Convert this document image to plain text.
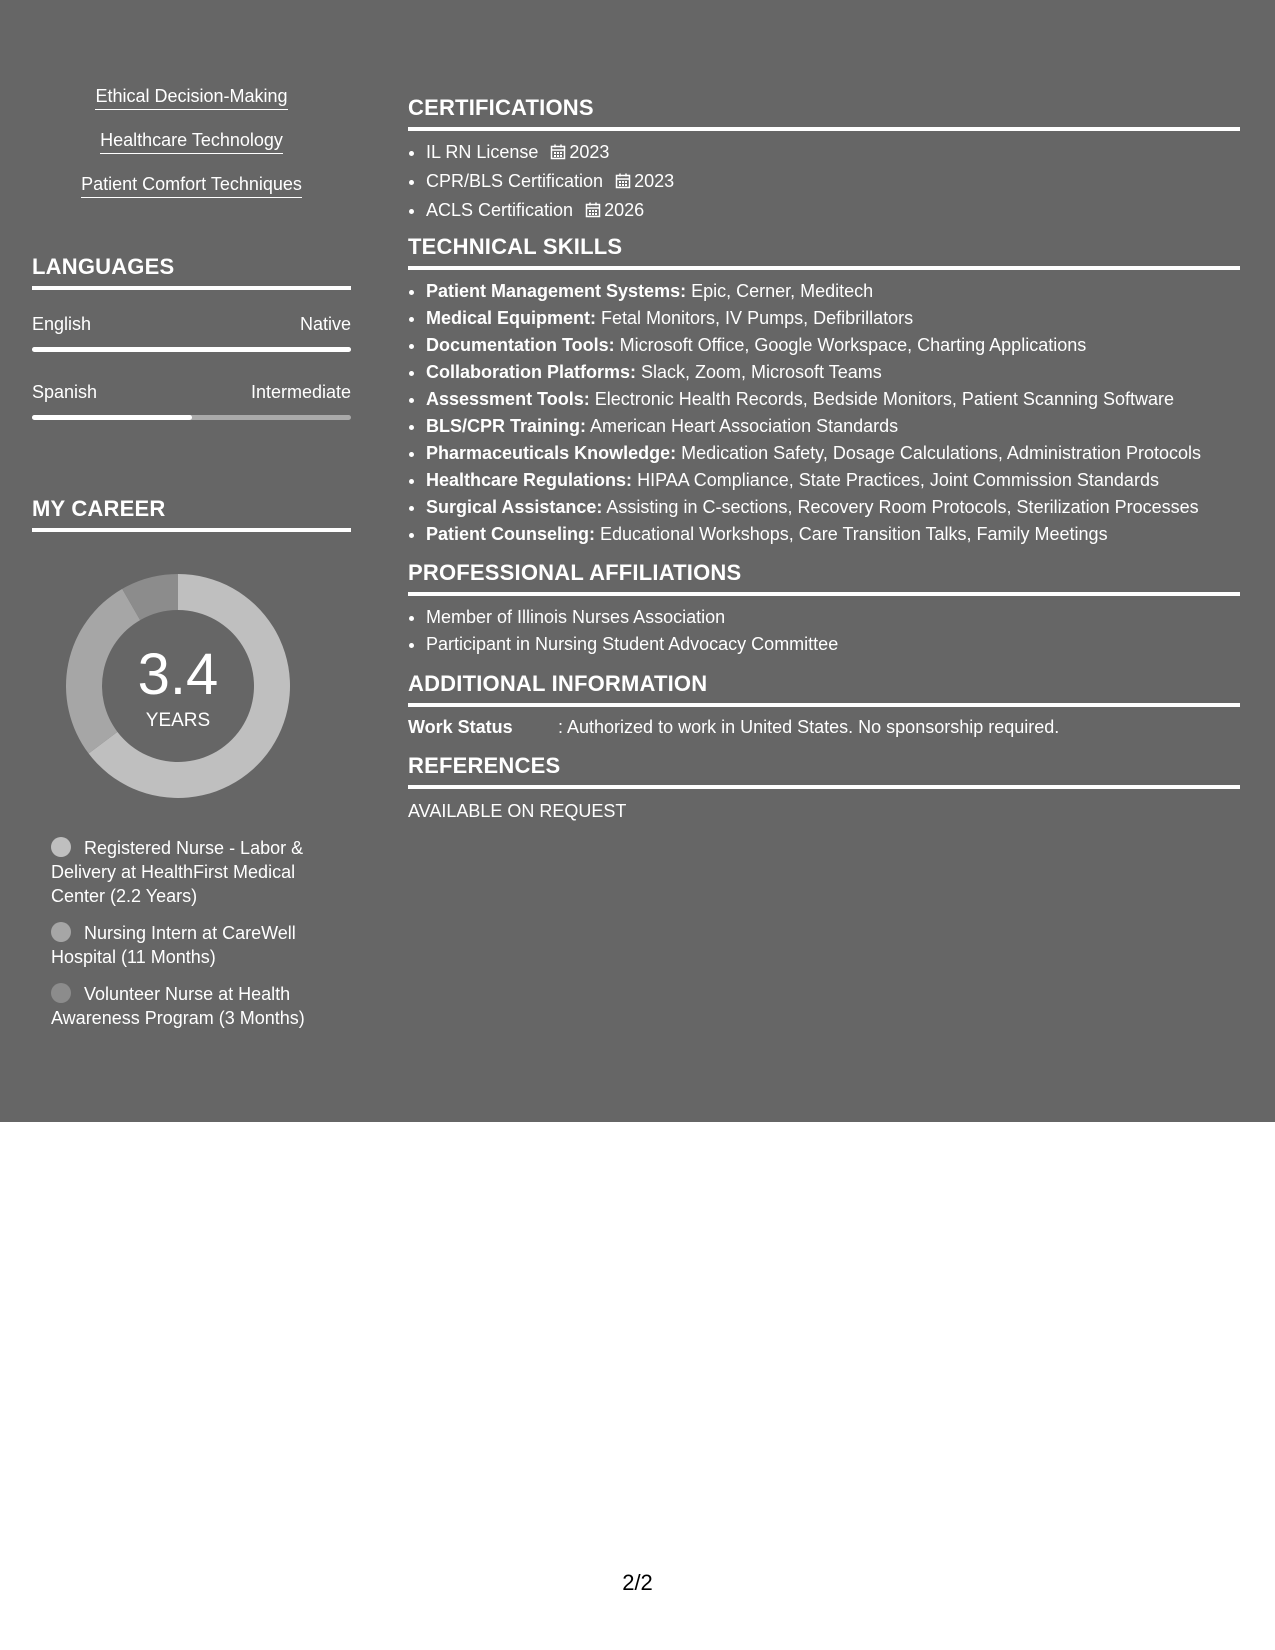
Ethical Decision-Making
Healthcare Technology
Patient Comfort Techniques
LANGUAGES
English	Native
Spanish	Intermediate
MY CAREER
3.4
YEARS
Registered Nurse - Labor & Delivery at HealthFirst Medical Center (2.2 Years)
Nursing Intern at CareWell Hospital (11 Months)
Volunteer Nurse at Health Awareness Program (3 Months)
CERTIFICATIONS
• IL RN License 2023
• CPR/BLS Certification 2023
• ACLS Certification 2026
TECHNICAL SKILLS
• Patient Management Systems: Epic, Cerner, Meditech
• Medical Equipment: Fetal Monitors, IV Pumps, Defibrillators
• Documentation Tools: Microsoft Office, Google Workspace, Charting Applications
• Collaboration Platforms: Slack, Zoom, Microsoft Teams
• Assessment Tools: Electronic Health Records, Bedside Monitors, Patient Scanning Software
• BLS/CPR Training: American Heart Association Standards
• Pharmaceuticals Knowledge: Medication Safety, Dosage Calculations, Administration Protocols
• Healthcare Regulations: HIPAA Compliance, State Practices, Joint Commission Standards
• Surgical Assistance: Assisting in C-sections, Recovery Room Protocols, Sterilization Processes
• Patient Counseling: Educational Workshops, Care Transition Talks, Family Meetings
PROFESSIONAL AFFILIATIONS
• Member of Illinois Nurses Association
• Participant in Nursing Student Advocacy Committee
ADDITIONAL INFORMATION
Work Status	: Authorized to work in United States. No sponsorship required.
REFERENCES
AVAILABLE ON REQUEST
2/2
